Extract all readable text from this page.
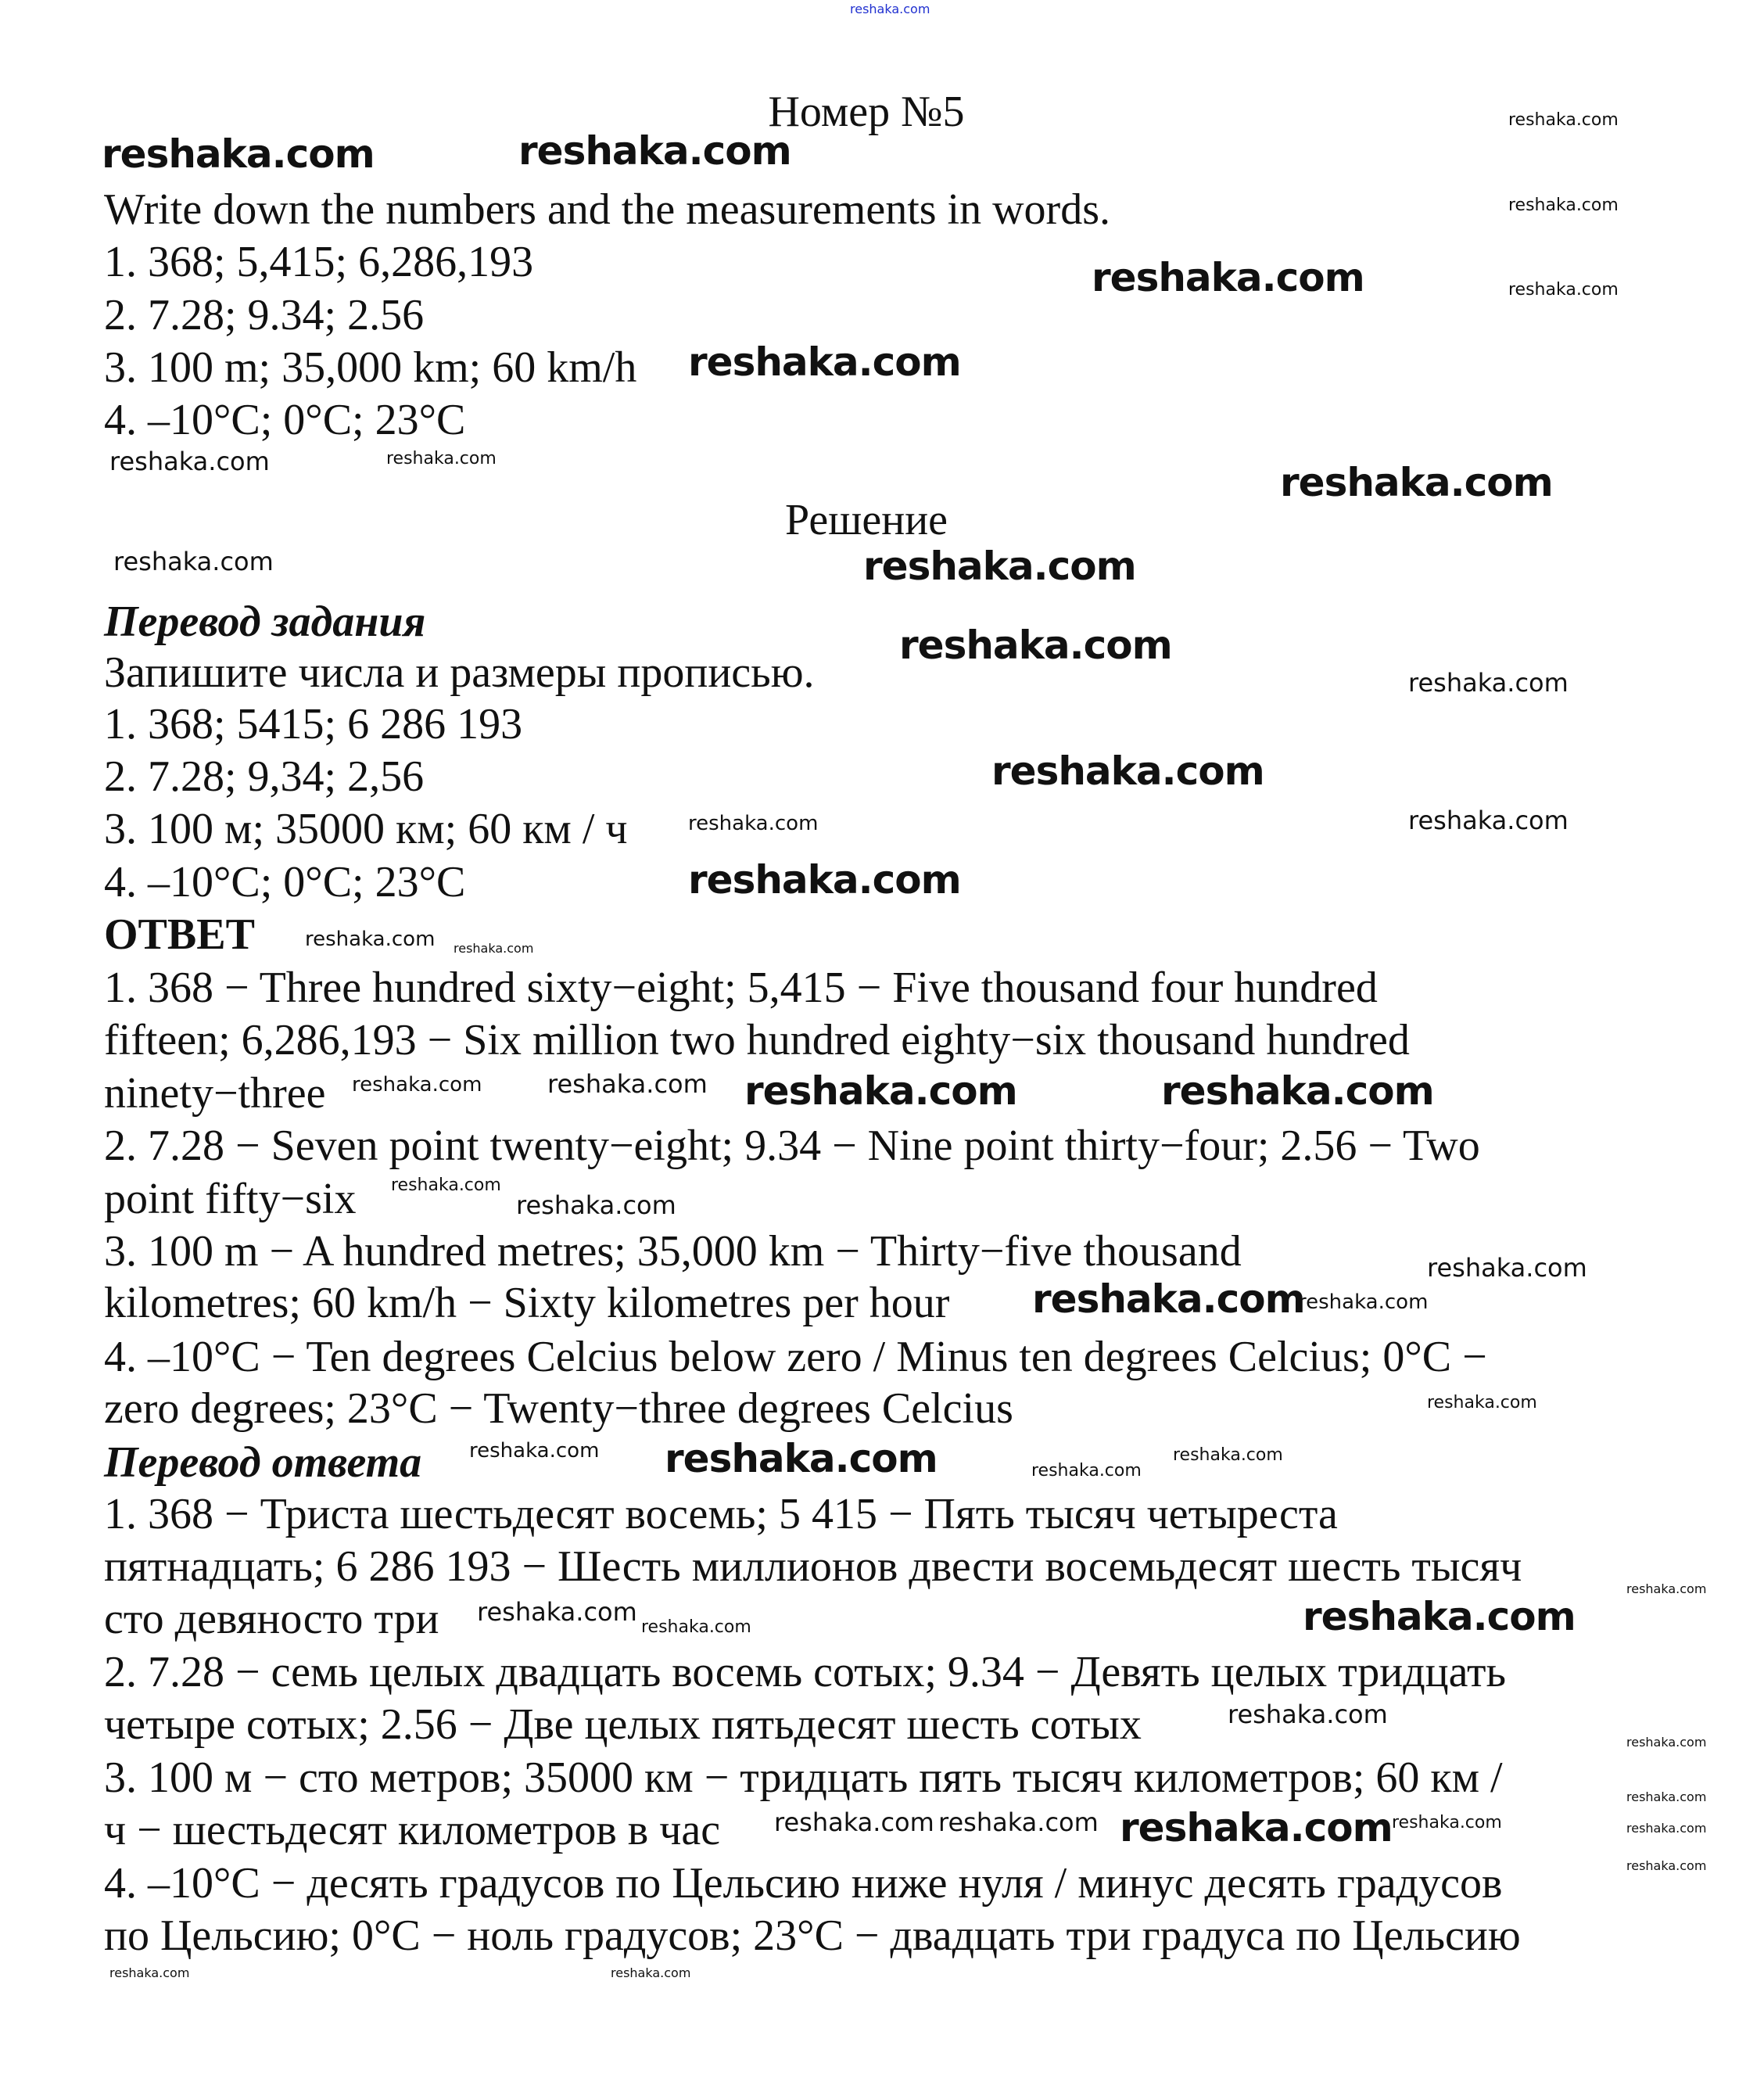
Номер №5
Write down the numbers and the measurements in words.
1. 368; 5,415; 6,286,193
2. 7.28; 9.34; 2.56
3. 100 m; 35,000 km; 60 km/h
4. –10°C; 0°C; 23°C
Решение
Перевод задания
Запишите числа и размеры прописью.
1. 368; 5415; 6 286 193
2. 7.28; 9,34; 2,56
3. 100 м; 35000 км; 60 км / ч
4. –10°C; 0°C; 23°C
ОТВЕТ
1. 368 − Three hundred sixty−eight; 5,415 − Five thousand four hundred
fifteen; 6,286,193 − Six million two hundred eighty−six thousand hundred
ninety−three
2. 7.28 − Seven point twenty−eight; 9.34 − Nine point thirty−four; 2.56 − Two
point fifty−six
3. 100 m − A hundred metres; 35,000 km − Thirty−five thousand
kilometres; 60 km/h − Sixty kilometres per hour
4. –10°C − Ten degrees Celcius below zero / Minus ten degrees Celcius; 0°C −
zero degrees; 23°C − Twenty−three degrees Celcius
Перевод ответа
1. 368 − Триста шестьдесят восемь; 5 415 − Пять тысяч четыреста
пятнадцать; 6 286 193 − Шесть миллионов двести восемьдесят шесть тысяч
сто девяносто три
2. 7.28 − семь целых двадцать восемь сотых; 9.34 − Девять целых тридцать
четыре сотых; 2.56 − Две целых пятьдесят шесть сотых
3. 100 м − сто метров; 35000 км − тридцать пять тысяч километров; 60 км /
ч − шестьдесят километров в час
4. –10°C − десять градусов по Цельсию ниже нуля / минус десять градусов
по Цельсию; 0°C − ноль градусов; 23°C − двадцать три градуса по Цельсию
reshaka.com
reshaka.com	reshaka.com
reshaka.com
reshaka.com
reshaka.com
reshaka.com
reshaka.com
reshaka.com
reshaka.com
reshaka.com	reshaka.com
reshaka.com
reshaka.com
reshaka.com
reshaka.com
reshaka.com
reshaka.com
reshaka.com
reshaka.com
reshaka.com
reshaka.com
reshaka.com
reshaka.com
reshaka.com
reshaka.com
reshaka.com
reshaka.com reshaka.com
reshaka.com
reshaka.com
reshaka.com
reshaka.com
reshaka.com
reshaka.com
reshaka.com
reshaka.com
reshaka.com
reshaka.com
reshaka.com
reshaka.com
reshaka.com
reshaka.com
reshaka.com
reshaka.com
reshaka.com
reshaka.com
reshaka.com
reshaka.com	reshaka.com
